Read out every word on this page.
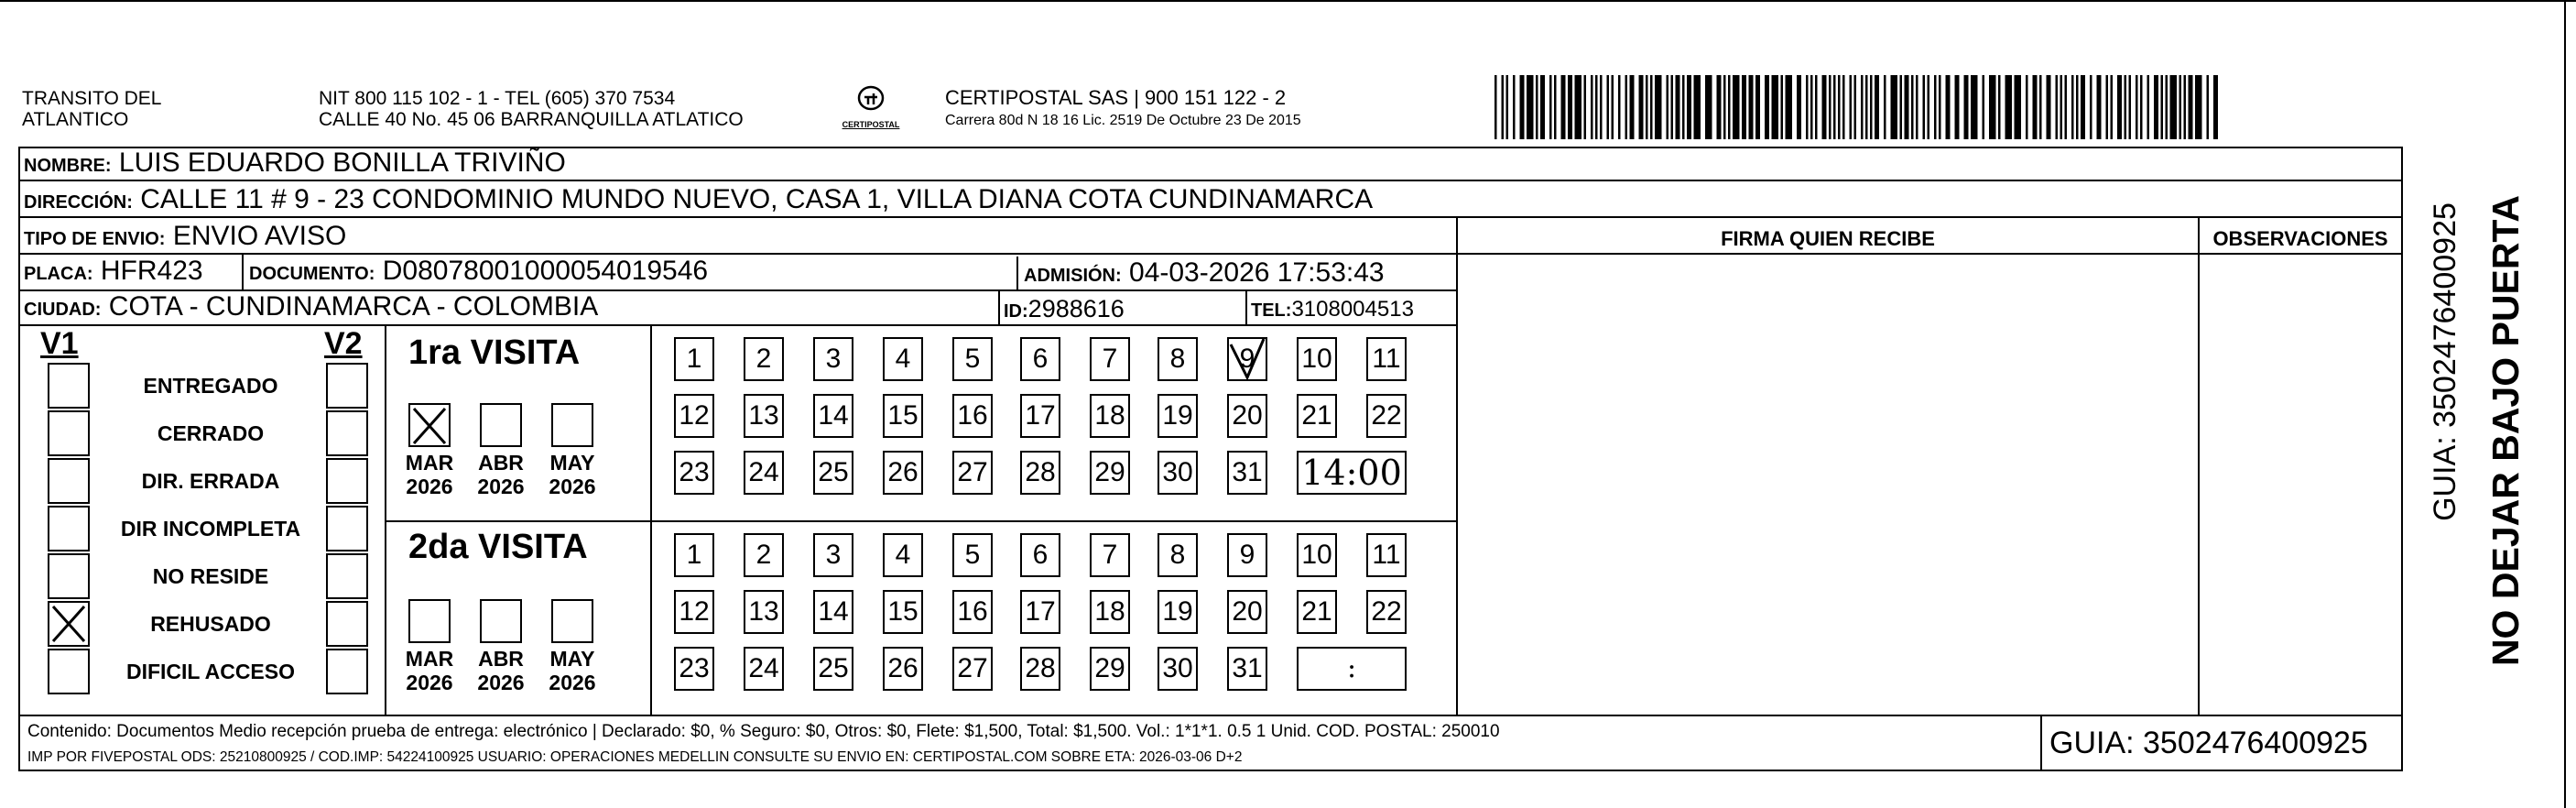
TRANSITO DEL
ATLANTICO
NIT 800 115 102 - 1 - TEL (605) 370 7534
CALLE 40 No. 45 06 BARRANQUILLA ATLATICO	CERTIPOSTAL
CERTIPOSTAL SAS | 900 151 122 - 2
Carrera 80d N 18 16 Lic. 2519 De Octubre 23 De 2015
NOMBRE: LUIS EDUARDO BONILLA TRIVIÑO
DIRECCIÓN: CALLE 11 # 9 - 23 CONDOMINIO MUNDO NUEVO, CASA 1, VILLA DIANA COTA CUNDINAMARCA
TIPO DE ENVIO: ENVIO AVISO	FIRMA QUIEN RECIBE	OBSERVACIONES
PLACA: HFR423	DOCUMENTO: D08078001000054019546	ADMISIÓN: 04-03-2026 17:53:43
CIUDAD: COTA - CUNDINAMARCA - COLOMBIA	ID:2988616	TEL:3108004513
V1	V2
ENTREGADO
CERRADO
DIR. ERRADA
DIR INCOMPLETA
NO RESIDE
REHUSADO
DIFICIL ACCESO
1ra VISITA
2da VISITA
MAR
2026
ABR
2026
MAY
2026
1	2	3	4	5	6	7	8	9	10 11
12 13 14 15 16 17 18 19 20 21 22
23 24 25 26 27 28 29 30 31 14:00
MAR
2026
ABR
2026
MAY
2026
1	2	3	4	5	6	7	8	9	10 11
12 13 14 15 16 17 18 19 20 21 22
23 24 25 26 27 28 29 30 31	:
Contenido: Documentos Medio recepción prueba de entrega: electrónico | Declarado: $0, % Seguro: $0, Otros: $0, Flete: $1,500, Total: $1,500. Vol.: 1*1*1. 0.5 1 Unid. COD. POSTAL: 250010
IMP POR FIVEPOSTAL ODS: 25210800925 / COD.IMP: 54224100925 USUARIO: OPERACIONES MEDELLIN CONSULTE SU ENVIO EN: CERTIPOSTAL.COM SOBRE ETA: 2026-03-06 D+2	GUIA: 3502476400925
NO DEJAR BAJO PUERTA
GUIA: 3502476400925
